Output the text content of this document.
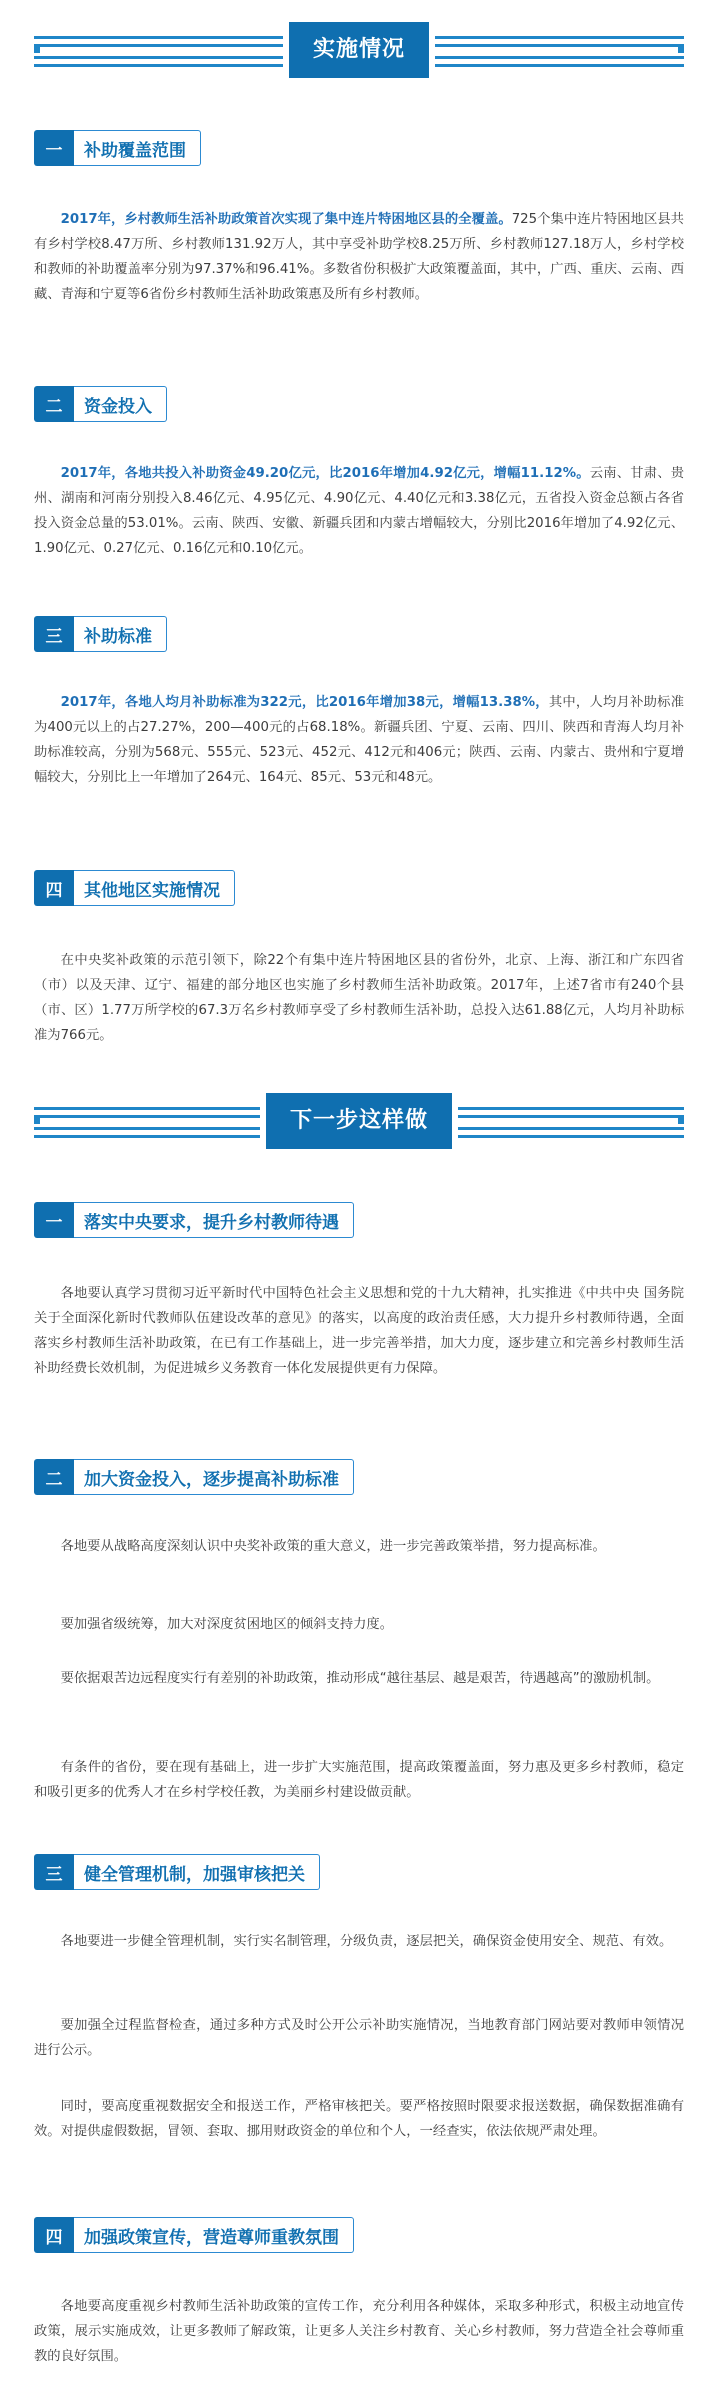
实施情况
一	补助覆盖范围

2017年，乡村教师生活补助政策首次实现了集中连片特困地区县的全覆盖。725个集中连片特困地区县共有乡村学校8.47万所、乡村教师131.92万人，其中享受补助学校8.25万所、乡村教师127.18万人，乡村学校和教师的补助覆盖率分别为97.37%和96.41%。多数省份积极扩大政策覆盖面，其中，广西、重庆、云南、西藏、青海和宁夏等6省份乡村教师生活补助政策惠及所有乡村教师。

二	资金投入

2017年，各地共投入补助资金49.20亿元，比2016年增加4.92亿元，增幅11.12%。云南、甘肃、贵州、湖南和河南分别投入8.46亿元、4.95亿元、4.90亿元、4.40亿元和3.38亿元，五省投入资金总额占各省投入资金总量的53.01%。云南、陕西、安徽、新疆兵团和内蒙古增幅较大，分别比2016年增加了4.92亿元、1.90亿元、0.27亿元、0.16亿元和0.10亿元。

三	补助标准

2017年，各地人均月补助标准为322元，比2016年增加38元，增幅13.38%，其中，人均月补助标准为400元以上的占27.27%，200—400元的占68.18%。新疆兵团、宁夏、云南、四川、陕西和青海人均月补助标准较高，分别为568元、555元、523元、452元、412元和406元；陕西、云南、内蒙古、贵州和宁夏增幅较大，分别比上一年增加了264元、164元、85元、53元和48元。

四	其他地区实施情况

在中央奖补政策的示范引领下，除22个有集中连片特困地区县的省份外，北京、上海、浙江和广东四省（市）以及天津、辽宁、福建的部分地区也实施了乡村教师生活补助政策。2017年，上述7省市有240个县（市、区）1.77万所学校的67.3万名乡村教师享受了乡村教师生活补助，总投入达61.88亿元，人均月补助标准为766元。

下一步这样做
一	落实中央要求，提升乡村教师待遇

各地要认真学习贯彻习近平新时代中国特色社会主义思想和党的十九大精神，扎实推进《中共中央 国务院关于全面深化新时代教师队伍建设改革的意见》的落实，以高度的政治责任感，大力提升乡村教师待遇，全面落实乡村教师生活补助政策，在已有工作基础上，进一步完善举措，加大力度，逐步建立和完善乡村教师生活补助经费长效机制，为促进城乡义务教育一体化发展提供更有力保障。

二	加大资金投入，逐步提高补助标准

各地要从战略高度深刻认识中央奖补政策的重大意义，进一步完善政策举措，努力提高标准。

要加强省级统筹，加大对深度贫困地区的倾斜支持力度。

要依据艰苦边远程度实行有差别的补助政策，推动形成“越往基层、越是艰苦，待遇越高”的激励机制。

有条件的省份，要在现有基础上，进一步扩大实施范围，提高政策覆盖面，努力惠及更多乡村教师，稳定和吸引更多的优秀人才在乡村学校任教，为美丽乡村建设做贡献。

三	健全管理机制，加强审核把关

各地要进一步健全管理机制，实行实名制管理，分级负责，逐层把关，确保资金使用安全、规范、有效。

要加强全过程监督检查，通过多种方式及时公开公示补助实施情况，当地教育部门网站要对教师申领情况进行公示。

同时，要高度重视数据安全和报送工作，严格审核把关。要严格按照时限要求报送数据，确保数据准确有效。对提供虚假数据，冒领、套取、挪用财政资金的单位和个人，一经查实，依法依规严肃处理。

四	加强政策宣传，营造尊师重教氛围

各地要高度重视乡村教师生活补助政策的宣传工作，充分利用各种媒体，采取多种形式，积极主动地宣传政策，展示实施成效，让更多教师了解政策，让更多人关注乡村教育、关心乡村教师，努力营造全社会尊师重教的良好氛围。
